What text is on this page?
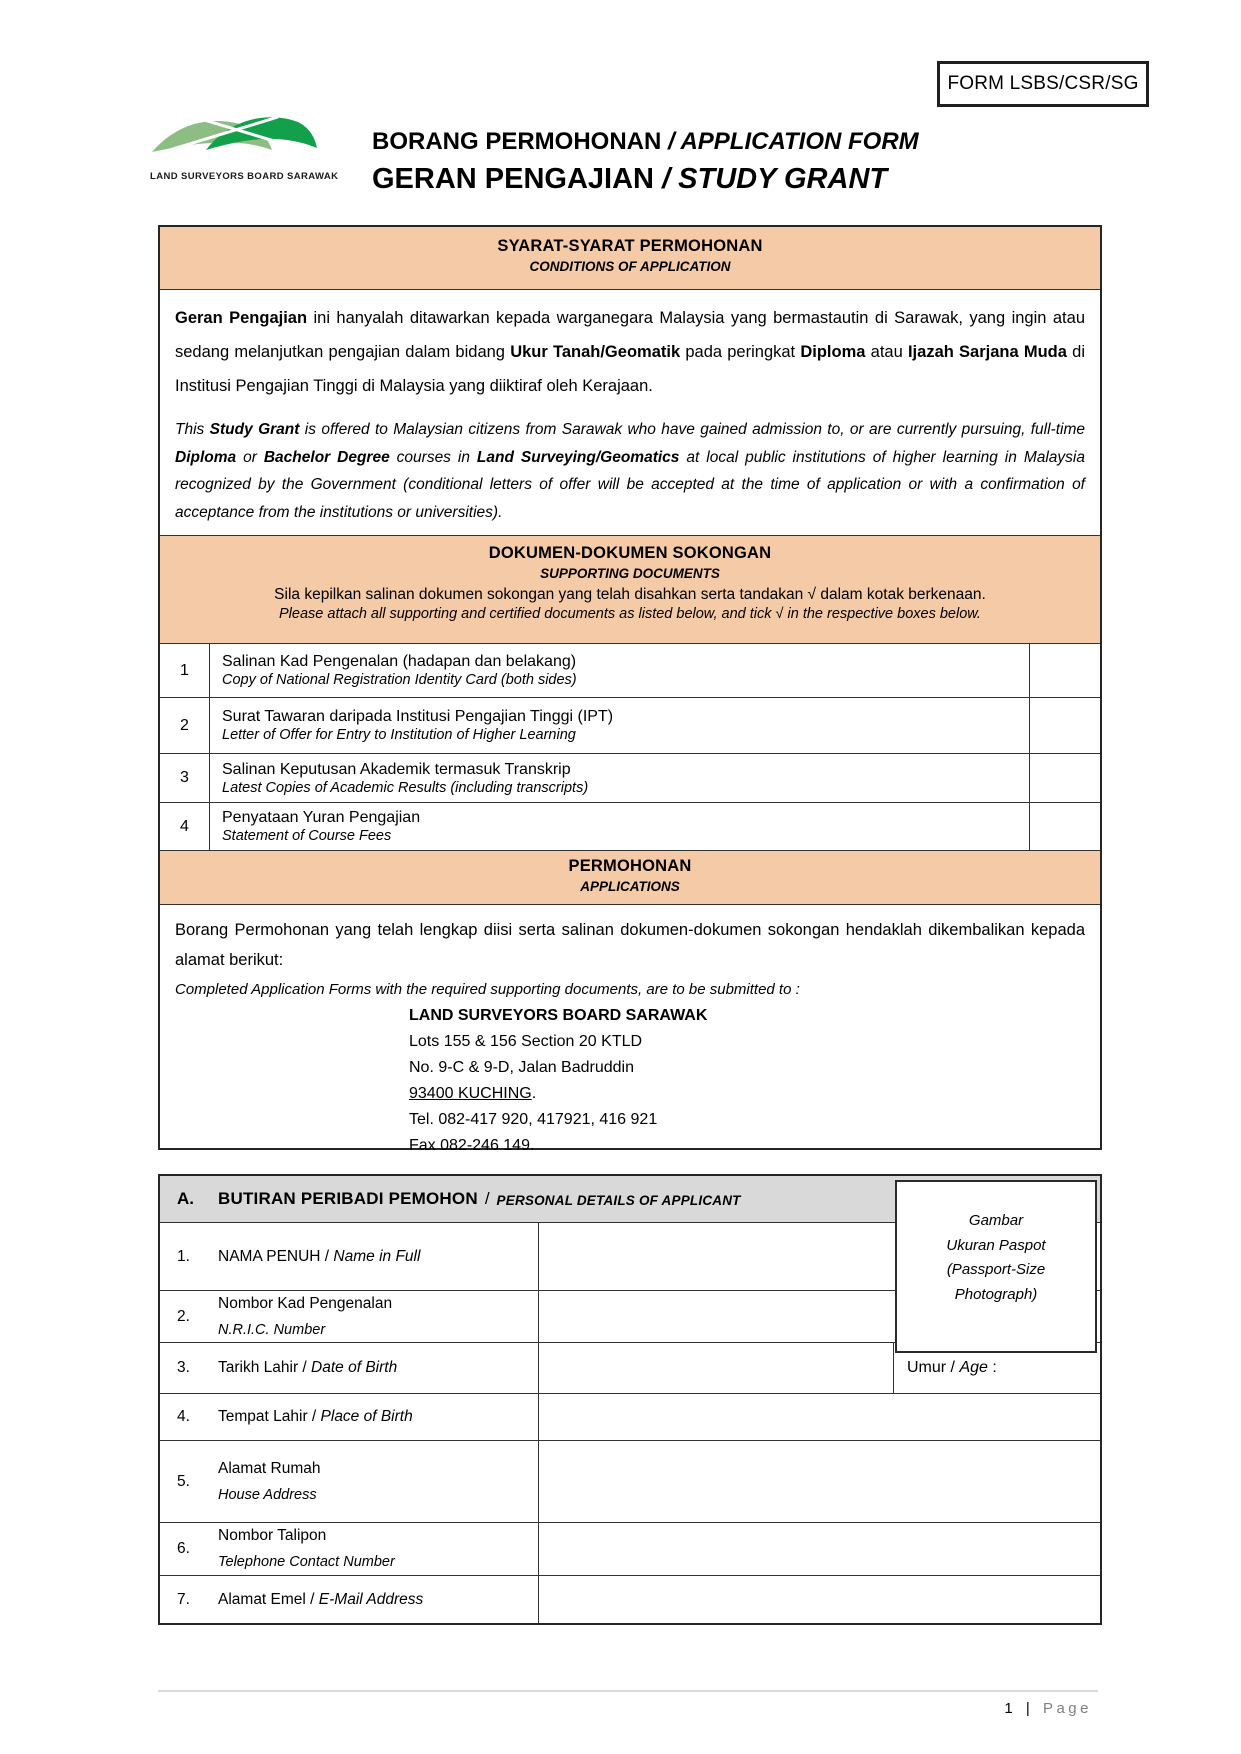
FORM LSBS/CSR/SG
LAND SURVEYORS BOARD SARAWAK
BORANG PERMOHONAN / APPLICATION FORM
GERAN PENGAJIAN / STUDY GRANT
SYARAT-SYARAT PERMOHONAN
CONDITIONS OF APPLICATION

Geran Pengajian ini hanyalah ditawarkan kepada warganegara Malaysia yang bermastautin di Sarawak, yang ingin atau sedang melanjutkan pengajian dalam bidang Ukur Tanah/Geomatik pada peringkat Diploma atau Ijazah Sarjana Muda di Institusi Pengajian Tinggi di Malaysia yang diiktiraf oleh Kerajaan.

This Study Grant is offered to Malaysian citizens from Sarawak who have gained admission to, or are currently pursuing, full-time Diploma or Bachelor Degree courses in Land Surveying/Geomatics at local public institutions of higher learning in Malaysia recognized by the Government (conditional letters of offer will be accepted at the time of application or with a confirmation of acceptance from the institutions or universities).

DOKUMEN-DOKUMEN SOKONGAN
SUPPORTING DOCUMENTS
Sila kepilkan salinan dokumen sokongan yang telah disahkan serta tandakan √ dalam kotak berkenaan.
Please attach all supporting and certified documents as listed below, and tick √ in the respective boxes below.
1	Salinan Kad Pengenalan (hadapan dan belakang)
Copy of National Registration Identity Card (both sides)
2	Surat Tawaran daripada Institusi Pengajian Tinggi (IPT)
Letter of Offer for Entry to Institution of Higher Learning
3	Salinan Keputusan Akademik termasuk Transkrip
Latest Copies of Academic Results (including transcripts)
4	Penyataan Yuran Pengajian
Statement of Course Fees
PERMOHONAN
APPLICATIONS

Borang Permohonan yang telah lengkap diisi serta salinan dokumen-dokumen sokongan hendaklah dikembalikan kepada alamat berikut:

Completed Application Forms with the required supporting documents, are to be submitted to :

LAND SURVEYORS BOARD SARAWAK
Lots 155 & 156 Section 20 KTLD
No. 9-C & 9-D, Jalan Badruddin
93400 KUCHING.
Tel. 082-417 920, 417921, 416 921
Fax 082-246 149.
A.	BUTIRAN PERIBADI PEMOHON / PERSONAL DETAILS OF APPLICANT
1.	NAMA PENUH / Name in Full
2.
Nombor Kad Pengenalan
N.R.I.C. Number
3.	Tarikh Lahir / Date of Birth	Umur / Age :
4.	Tempat Lahir / Place of Birth
5.
Alamat Rumah
House Address
6.
Nombor Talipon
Telephone Contact Number
7.	Alamat Emel / E-Mail Address
Gambar
Ukuran Paspot
(Passport-Size
Photograph)
1 | Page
